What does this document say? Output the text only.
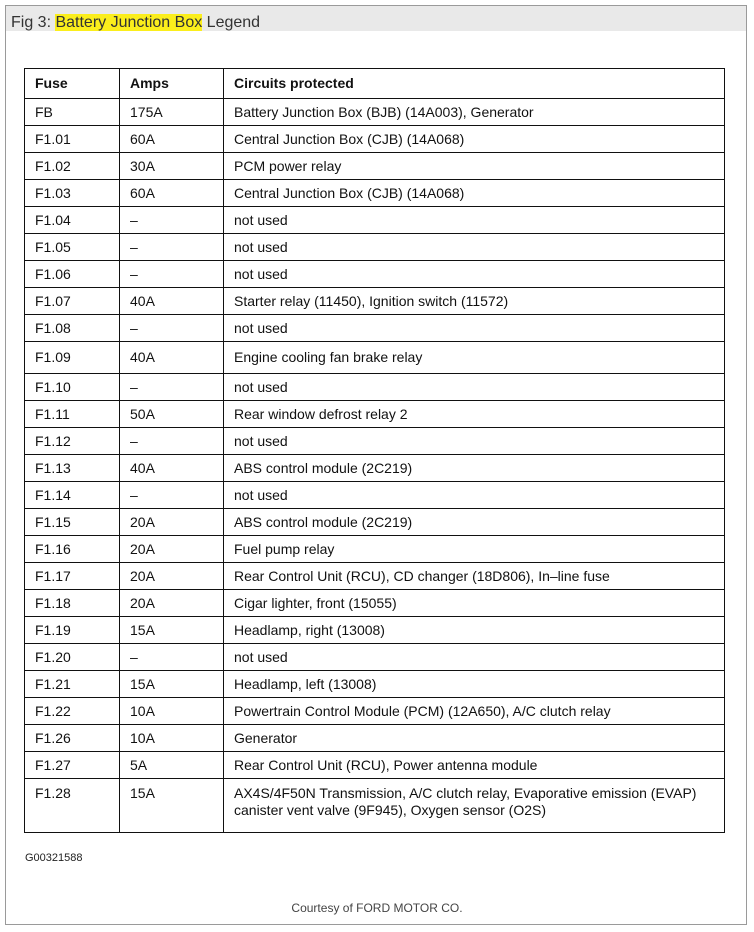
Fig 3: Battery Junction Box Legend
Fuse	Amps	Circuits protected
FB	175A	Battery Junction Box (BJB) (14A003), Generator
F1.01	60A	Central Junction Box (CJB) (14A068)
F1.02	30A	PCM power relay
F1.03	60A	Central Junction Box (CJB) (14A068)
F1.04	–	not used
F1.05	–	not used
F1.06	–	not used
F1.07	40A	Starter relay (11450), Ignition switch (11572)
F1.08	–	not used
F1.09	40A	Engine cooling fan brake relay
F1.10	–	not used
F1.11	50A	Rear window defrost relay 2
F1.12	–	not used
F1.13	40A	ABS control module (2C219)
F1.14	–	not used
F1.15	20A	ABS control module (2C219)
F1.16	20A	Fuel pump relay
F1.17	20A	Rear Control Unit (RCU), CD changer (18D806), In–line fuse
F1.18	20A	Cigar lighter, front (15055)
F1.19	15A	Headlamp, right (13008)
F1.20	–	not used
F1.21	15A	Headlamp, left (13008)
F1.22	10A	Powertrain Control Module (PCM) (12A650), A/C clutch relay
F1.26	10A	Generator
F1.27	5A	Rear Control Unit (RCU), Power antenna module
F1.28	15A	AX4S/4F50N Transmission, A/C clutch relay, Evaporative emission (EVAP) canister vent valve (9F945), Oxygen sensor (O2S)
G00321588
Courtesy of FORD MOTOR CO.
